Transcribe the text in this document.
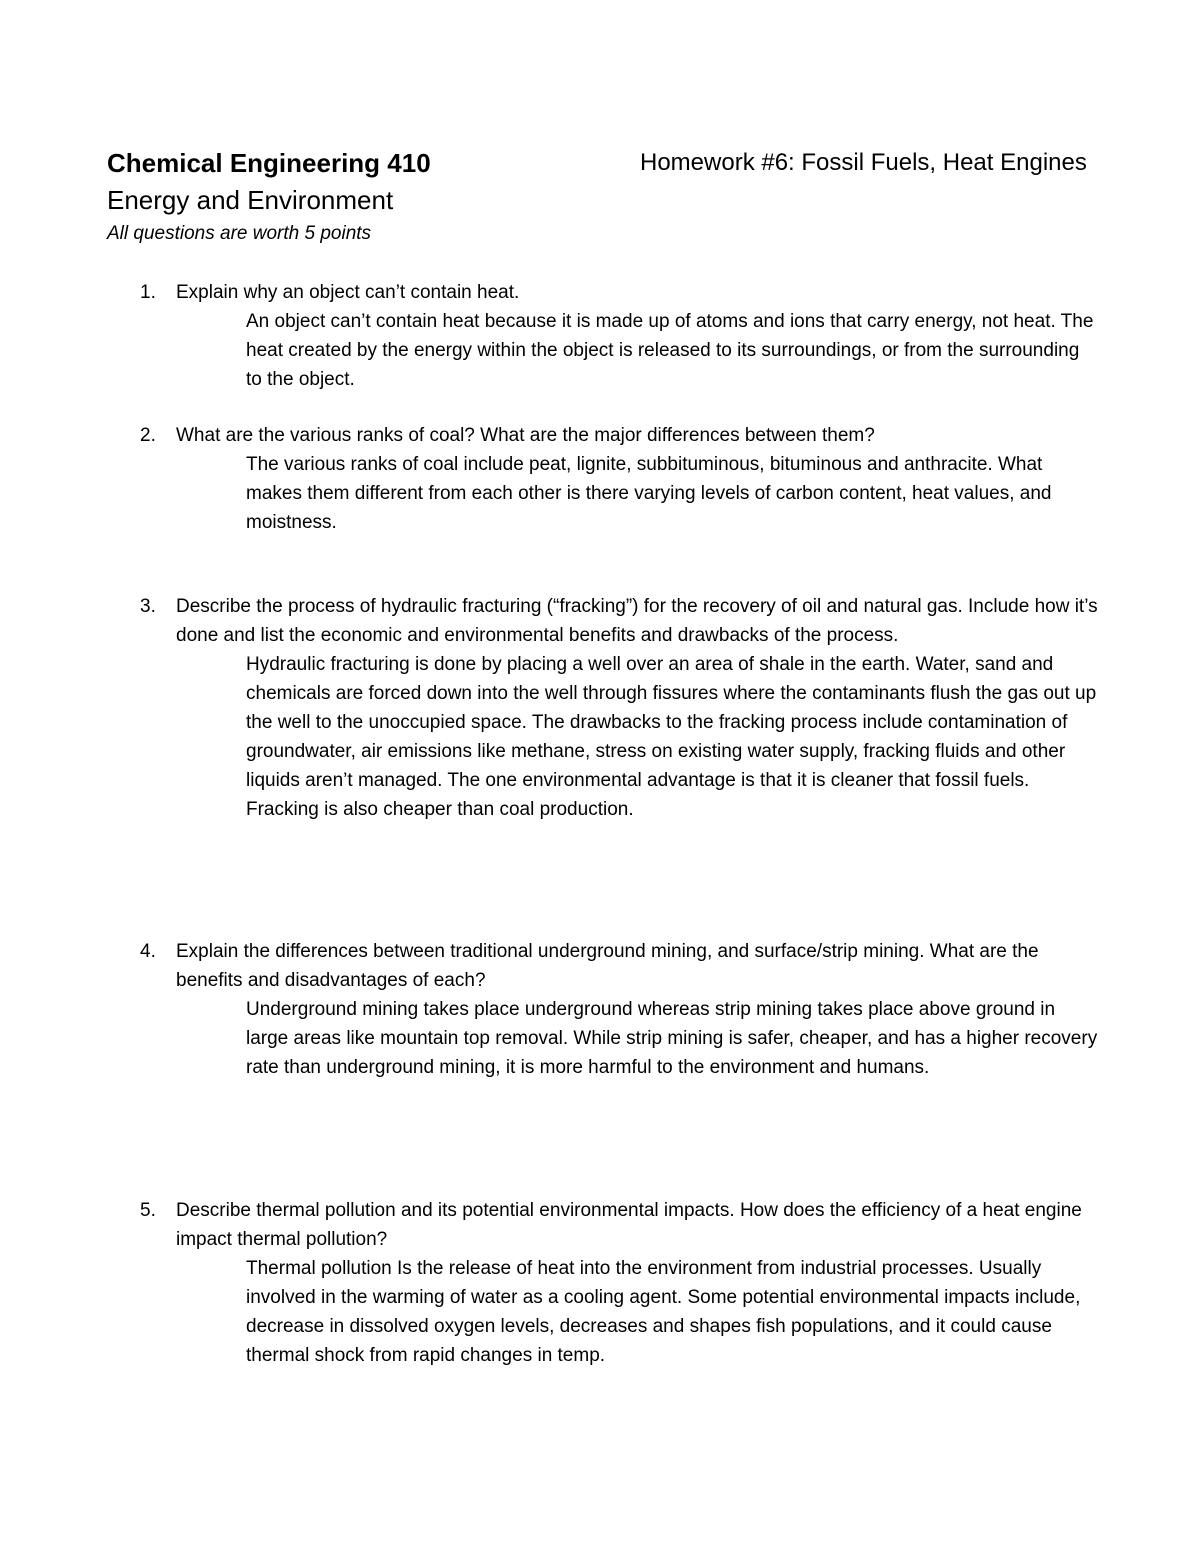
Chemical Engineering 410
Energy and Environment
All questions are worth 5 points
Homework #6: Fossil Fuels, Heat Engines
1.	Explain why an object can’t contain heat.
An object can’t contain heat because it is made up of atoms and ions that carry energy, not heat. The heat created by the energy within the object is released to its surroundings, or from the surrounding to the object.
2.	What are the various ranks of coal? What are the major differences between them?
The various ranks of coal include peat, lignite, subbituminous, bituminous and anthracite. What makes them different from each other is there varying levels of carbon content, heat values, and moistness.
3.	Describe the process of hydraulic fracturing (“fracking”) for the recovery of oil and natural gas. Include how it’s done and list the economic and environmental benefits and drawbacks of the process.
Hydraulic fracturing is done by placing a well over an area of shale in the earth. Water, sand and chemicals are forced down into the well through fissures where the contaminants flush the gas out up the well to the unoccupied space. The drawbacks to the fracking process include contamination of groundwater, air emissions like methane, stress on existing water supply, fracking fluids and other liquids aren’t managed. The one environmental advantage is that it is cleaner that fossil fuels. Fracking is also cheaper than coal production.
4.	Explain the differences between traditional underground mining, and surface/strip mining. What are the benefits and disadvantages of each?
Underground mining takes place underground whereas strip mining takes place above ground in large areas like mountain top removal. While strip mining is safer, cheaper, and has a higher recovery rate than underground mining, it is more harmful to the environment and humans.
5.	Describe thermal pollution and its potential environmental impacts. How does the efficiency of a heat engine impact thermal pollution?
Thermal pollution Is the release of heat into the environment from industrial processes. Usually involved in the warming of water as a cooling agent. Some potential environmental impacts include, decrease in dissolved oxygen levels, decreases and shapes fish populations, and it could cause thermal shock from rapid changes in temp.
